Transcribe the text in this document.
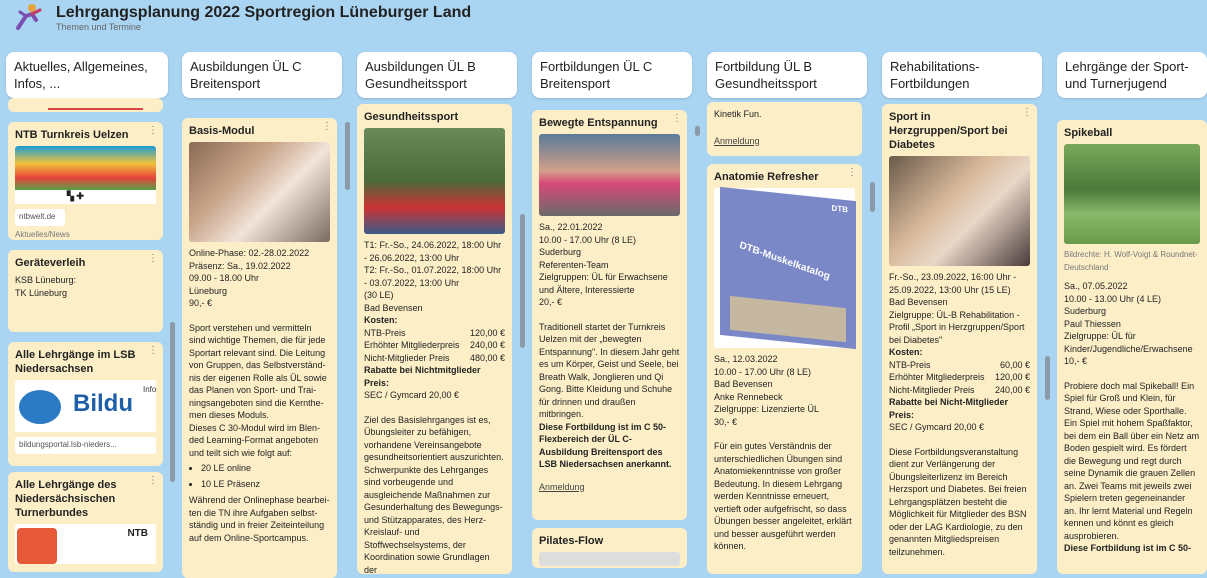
Lehrgangsplanung 2022 Sportregion Lüneburger Land
Themen und Termine
Aktuelles, Allgemeines, Infos, ...
Ausbildungen ÜL C Breitensport
Ausbildungen ÜL B Gesundheitssport
Fortbildungen ÜL C Breitensport
Fortbildung ÜL B Gesundheitssport
Rehabilitations-Fortbildungen
Lehrgänge der Sport- und Turnerjugend
⋮
NTB Turnkreis Uelzen
▚ ✚
ntbwelt.de
Aktuelles/News
⋮
Geräteverleih
KSB Lüneburg:
TK Lüneburg
⋮
Alle Lehrgänge im LSB Niedersachsen
Bildu
Info
bildungsportal.lsb-nieders...
⋮
Alle Lehrgänge des Niedersächsischen Turnerbundes
NTB
⋮
Basis-Modul
Online-Phase: 02.-28.02.2022
Präsenz: Sa., 19.02.2022
09.00 - 18.00 Uhr
Lüneburg

90,- €

Sport verstehen und vermitteln sind wichtige Themen, die für jede Sportart relevant sind. Die Leitung von Gruppen, das Selbstverständ-nis der eigenen Rolle als ÜL sowie das Planen von Sport- und Trai-ningsangeboten sind die Kernthe-men dieses Moduls.

Dieses C 30-Modul wird im Blen-ded Learning-Format angeboten und teilt sich wie folgt auf:
• 20 LE online
• 10 LE Präsenz
Während der Onlinephase bearbei-ten die TN ihre Aufgaben selbst-ständig und in freier Zeiteinteilung auf dem Online-Sportcampus.
Gesundheitssport
T1: Fr.-So., 24.06.2022, 18:00 Uhr - 26.06.2022, 13:00 Uhr
T2: Fr.-So., 01.07.2022, 18:00 Uhr - 03.07.2022, 13:00 Uhr
(30 LE)
Bad Bevensen
Kosten:
NTB-Preis	120,00 €
Erhöhter Mitgliederpreis 240,00 €
Nicht-Mitglieder Preis 480,00 €
Rabatte bei Nichtmitglieder Preis:

SEC / Gymcard 20,00 €

Ziel des Basislehrganges ist es, Übungsleiter zu befähigen, vorhandene Vereinsangebote gesundheitsorientiert auszurichten. Schwerpunkte des Lehrganges sind vorbeugende und ausgleichende Maßnahmen zur Gesunderhaltung des Bewegungs- und Stützapparates, des Herz-Kreislauf- und Stoffwechselsystems, der Koordination sowie Grundlagen der
⋮
Bewegte Entspannung
Sa., 22.01.2022
10.00 - 17.00 Uhr (8 LE)
Suderburg
Referenten-Team
Zielgruppen: ÜL für Erwachsene und Ältere, Interessierte

20,- €

Traditionell startet der Turnkreis Uelzen mit der „bewegten Entspannung". In diesem Jahr geht es um Körper, Geist und Seele, bei Breath Walk, Jonglieren und Qi Gong. Bitte Kleidung und Schuhe für drinnen und draußen mitbringen.

Diese Fortbildung ist im C 50-Flexbereich der ÜL C-Ausbildung Breitensport des LSB Niedersachsen anerkannt.

Anmeldung
Pilates-Flow
Kinetik Fun.
Anmeldung
⋮
Anatomie Refresher
DTB
DTB-Muskelkatalog
Sa., 12.03.2022
10.00 - 17.00 Uhr (8 LE)
Bad Bevensen
Anke Rennebeck
Zielgruppe: Lizenzierte ÜL

30,- €

Für ein gutes Verständnis der unterschiedlichen Übungen sind Anatomiekenntnisse von großer Bedeutung. In diesem Lehrgang werden Kenntnisse erneuert, vertieft oder aufgefrischt, so dass Übungen besser angeleitet, erklärt und besser ausgeführt werden können.
⋮
Sport in Herzgruppen/Sport bei Diabetes
Fr.-So., 23.09.2022, 16:00 Uhr - 25.09.2022, 13:00 Uhr (15 LE)
Bad Bevensen
Zielgruppe: ÜL-B Rehabilitation - Profil „Sport in Herzgruppen/Sport bei Diabetes"
Kosten:
NTB-Preis	60,00 €
Erhöhter Mitgliederpreis 120,00 €
Nicht-Mitglieder Preis 240,00 €
Rabatte bei Nicht-Mitglieder Preis:

SEC / Gymcard 20,00 €

Diese Fortbildungsveranstaltung dient zur Verlängerung der Übungsleiterlizenz im Bereich Herzsport und Diabetes. Bei freien Lehrgangsplätzen besteht die Möglichkeit für Mitglieder des BSN oder der LAG Kardiologie, zu den genannten Mitgliedspreisen teilzunehmen.
Spikeball
Bildrechte: H. Wolf-Voigt & Roundnet-Deutschland
Sa., 07.05.2022
10.00 - 13.00 Uhr (4 LE)
Suderburg
Paul Thiessen
Zielgruppe: ÜL für Kinder/Jugendliche/Erwachsene

10,- €

Probiere doch mal Spikeball! Ein Spiel für Groß und Klein, für Strand, Wiese oder Sporthalle. Ein Spiel mit hohem Spaßfaktor, bei dem ein Ball über ein Netz am Boden gespielt wird. Es fördert die Bewegung und regt durch seine Dynamik die grauen Zellen an. Zwei Teams mit jeweils zwei Spielern treten gegeneinander an. Ihr lernt Material und Regeln kennen und könnt es gleich ausprobieren.

Diese Fortbildung ist im C 50-
